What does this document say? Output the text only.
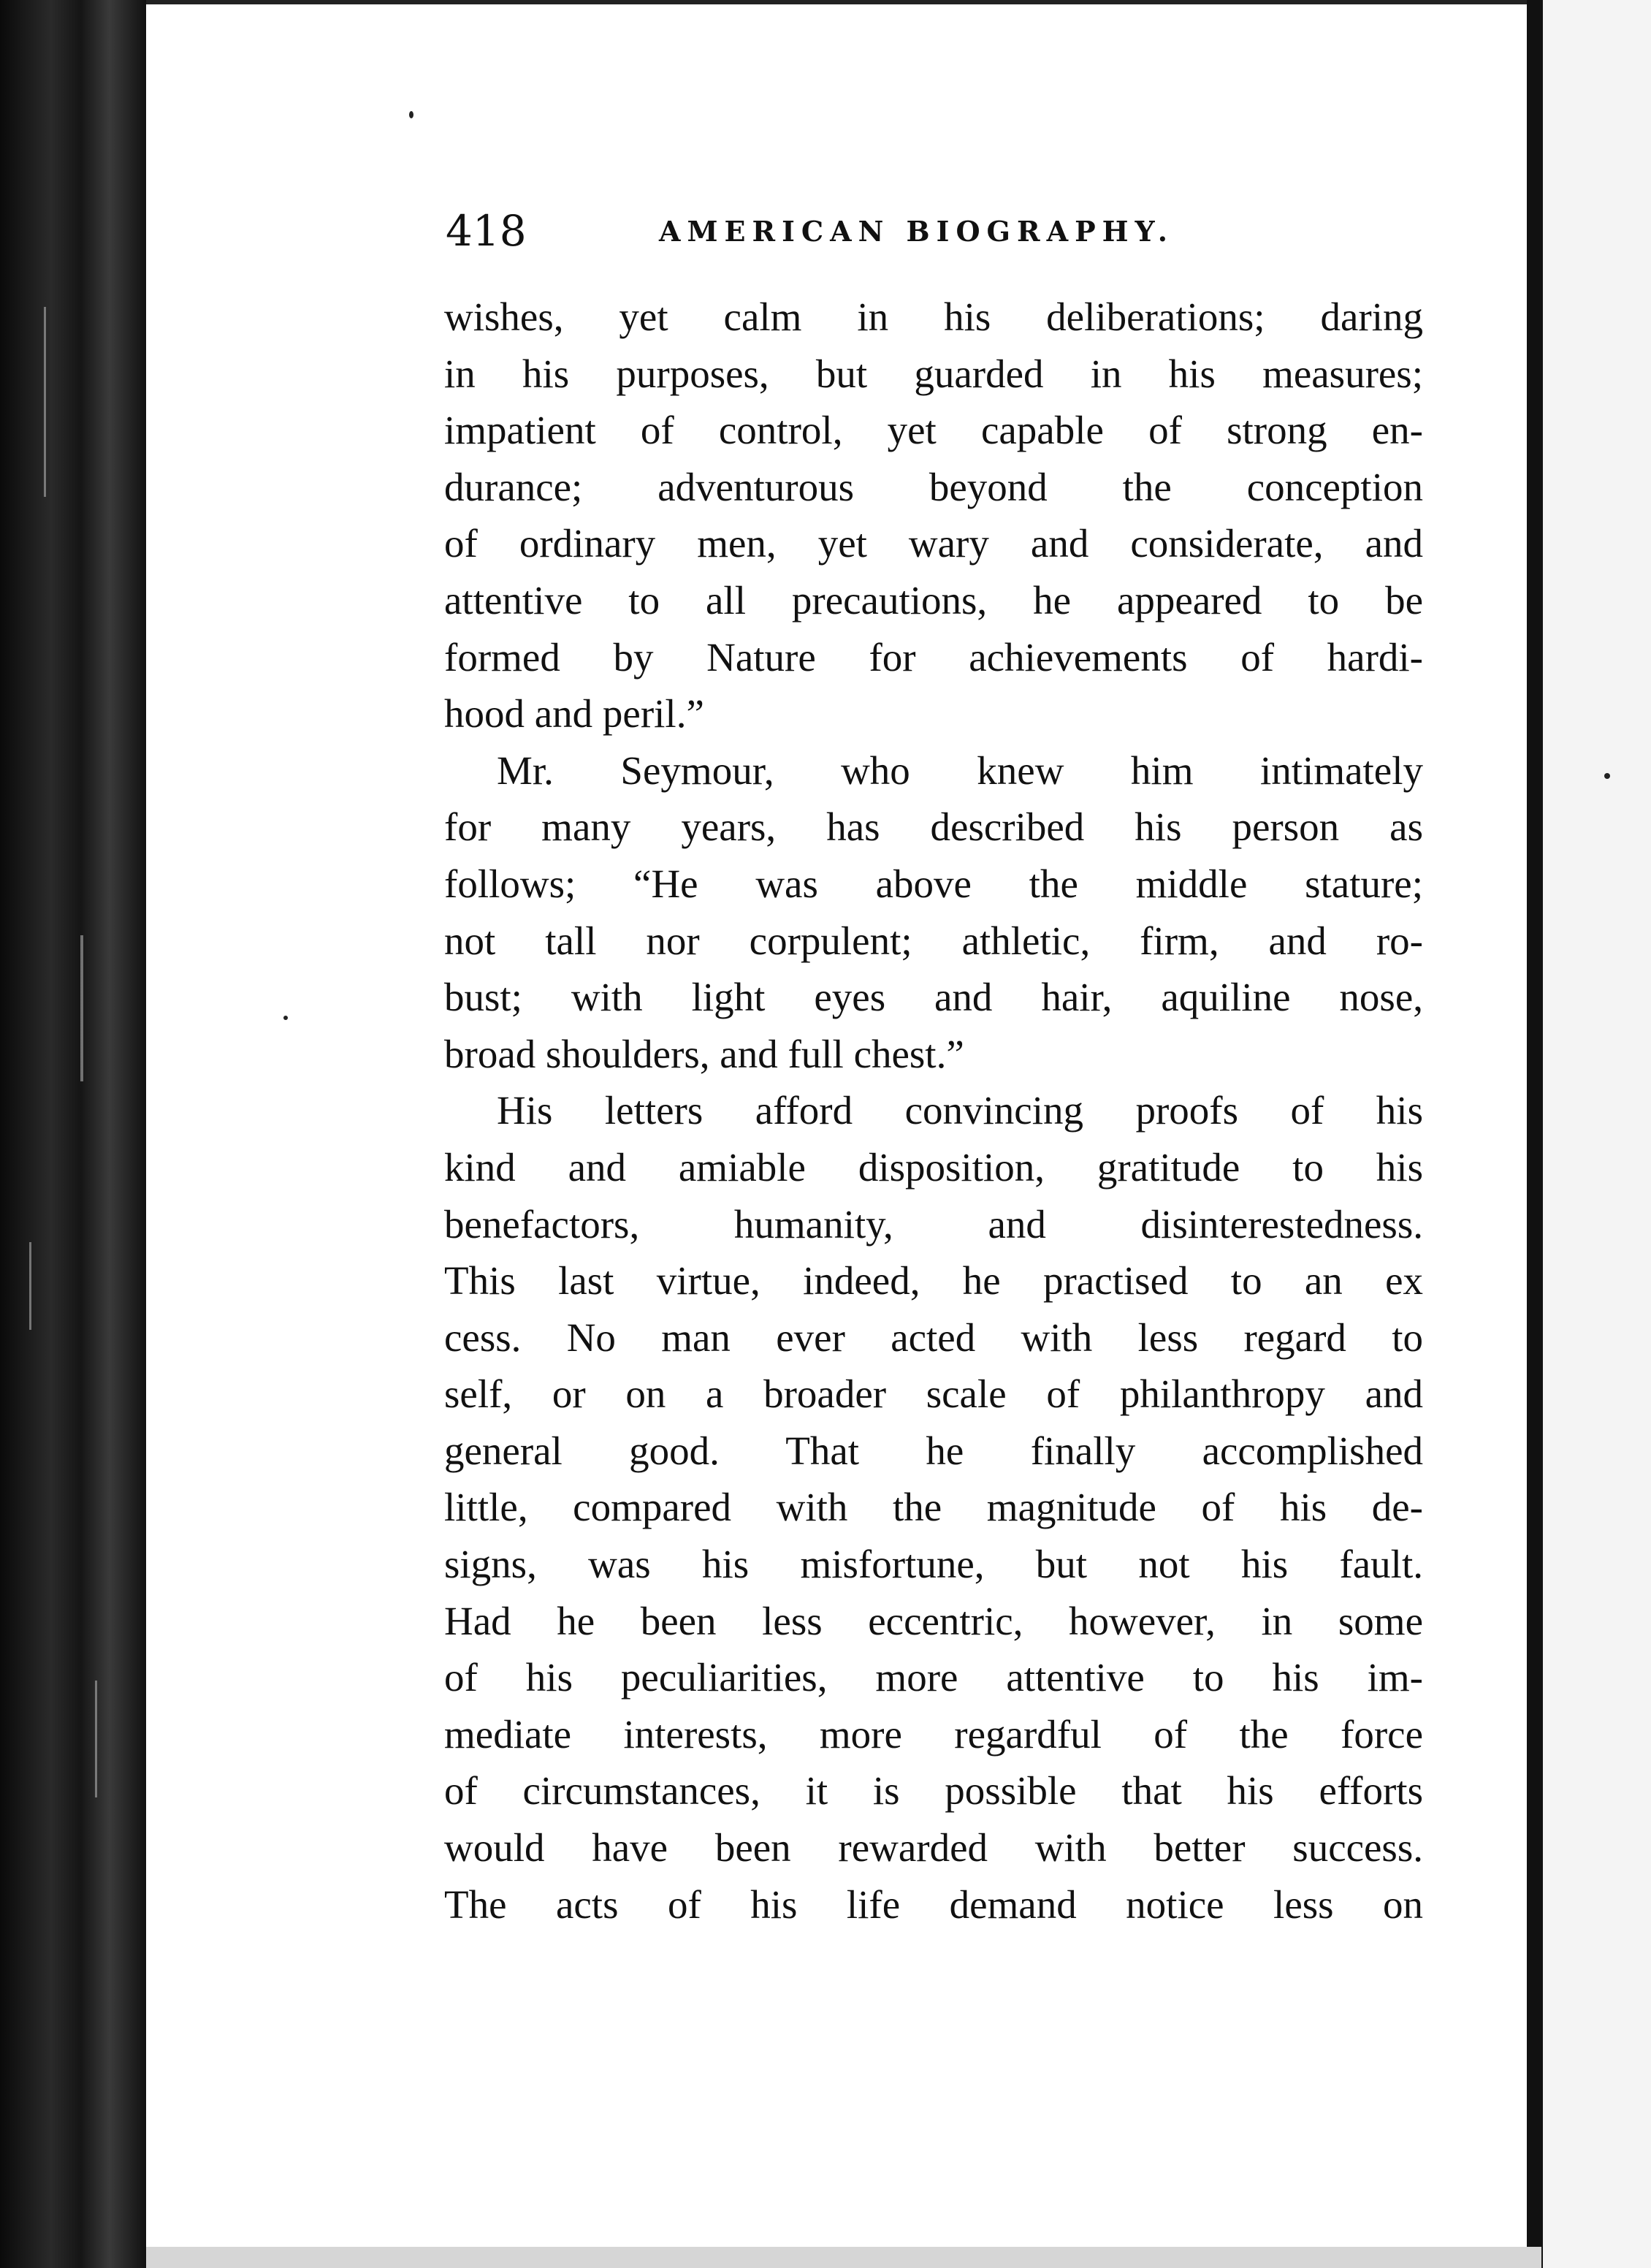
418	AMERICAN BIOGRAPHY.
wishes, yet calm in his deliberations; daring
in his purposes, but guarded in his measures;
impatient of control, yet capable of strong en-
durance; adventurous beyond the conception
of ordinary men, yet wary and considerate, and
attentive to all precautions, he appeared to be
formed by Nature for achievements of hardi-
hood and peril.”
Mr. Seymour, who knew him intimately
for many years, has described his person as
follows; “He was above the middle stature;
not tall nor corpulent; athletic, firm, and ro-
bust; with light eyes and hair, aquiline nose,
broad shoulders, and full chest.”
His letters afford convincing proofs of his
kind and amiable disposition, gratitude to his
benefactors, humanity, and disinterestedness.
This last virtue, indeed, he practised to an ex
cess. No man ever acted with less regard to
self, or on a broader scale of philanthropy and
general good. That he finally accomplished
little, compared with the magnitude of his de-
signs, was his misfortune, but not his fault.
Had he been less eccentric, however, in some
of his peculiarities, more attentive to his im-
mediate interests, more regardful of the force
of circumstances, it is possible that his efforts
would have been rewarded with better success.
The acts of his life demand notice less on
